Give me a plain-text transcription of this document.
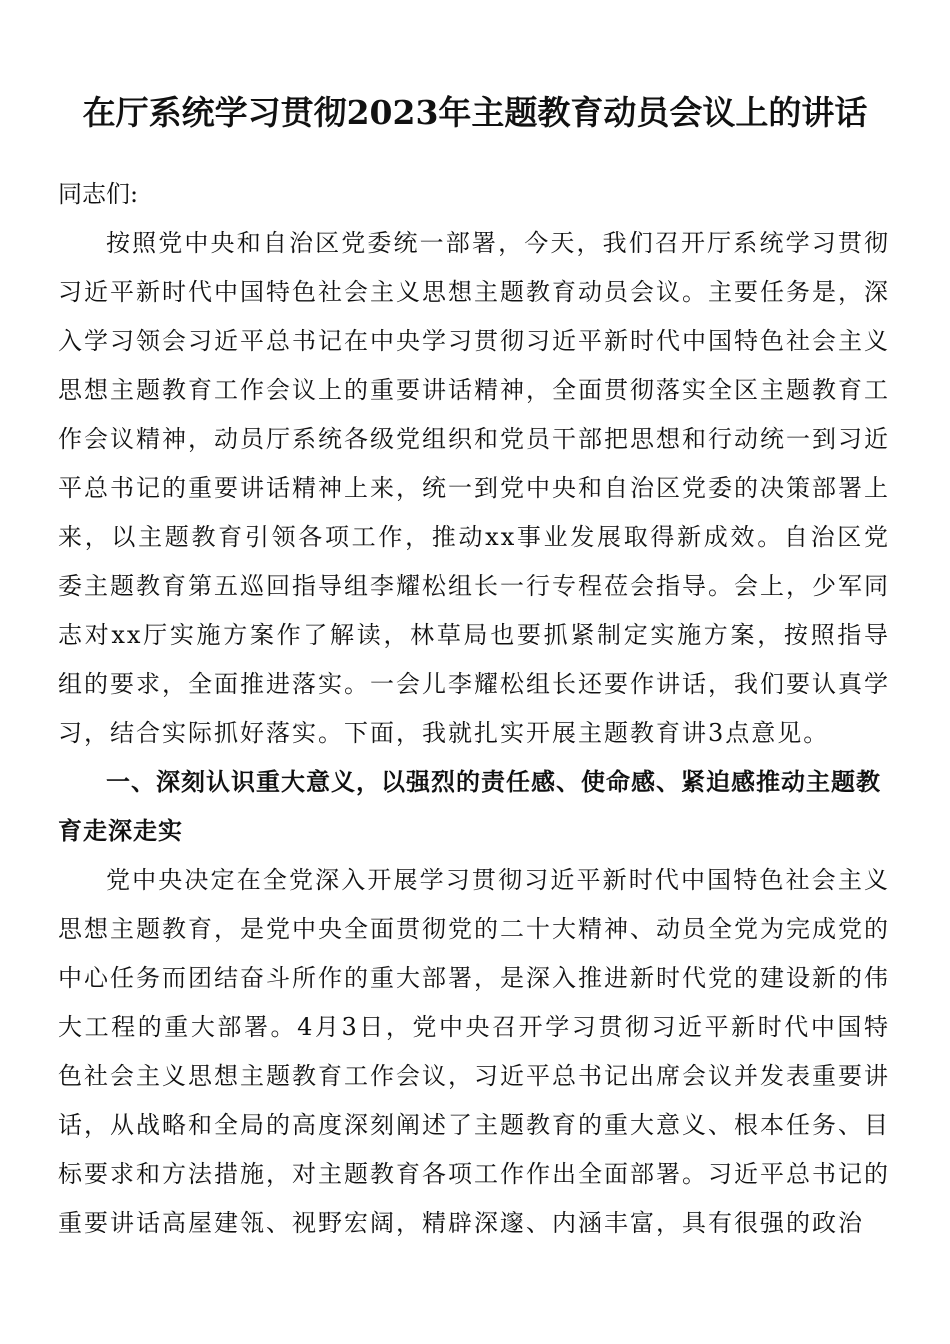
在厅系统学习贯彻2023年主题教育动员会议上的讲话

同志们:

按照党中央和自治区党委统一部署，今天，我们召开厅系统学习贯彻习近平新时代中国特色社会主义思想主题教育动员会议。主要任务是，深入学习领会习近平总书记在中央学习贯彻习近平新时代中国特色社会主义思想主题教育工作会议上的重要讲话精神，全面贯彻落实全区主题教育工作会议精神，动员厅系统各级党组织和党员干部把思想和行动统一到习近平总书记的重要讲话精神上来，统一到党中央和自治区党委的决策部署上来，以主题教育引领各项工作，推动xx事业发展取得新成效。自治区党委主题教育第五巡回指导组李耀松组长一行专程莅会指导。会上，少军同志对xx厅实施方案作了解读，林草局也要抓紧制定实施方案，按照指导组的要求，全面推进落实。一会儿李耀松组长还要作讲话，我们要认真学习，结合实际抓好落实。下面，我就扎实开展主题教育讲3点意见。

一、深刻认识重大意义，以强烈的责任感、使命感、紧迫感推动主题教育走深走实

党中央决定在全党深入开展学习贯彻习近平新时代中国特色社会主义思想主题教育，是党中央全面贯彻党的二十大精神、动员全党为完成党的中心任务而团结奋斗所作的重大部署，是深入推进新时代党的建设新的伟大工程的重大部署。4月3日，党中央召开学习贯彻习近平新时代中国特色社会主义思想主题教育工作会议，习近平总书记出席会议并发表重要讲话，从战略和全局的高度深刻阐述了主题教育的重大意义、根本任务、目标要求和方法措施，对主题教育各项工作作出全面部署。习近平总书记的重要讲话高屋建瓴、视野宏阔，精辟深邃、内涵丰富，具有很强的政治
